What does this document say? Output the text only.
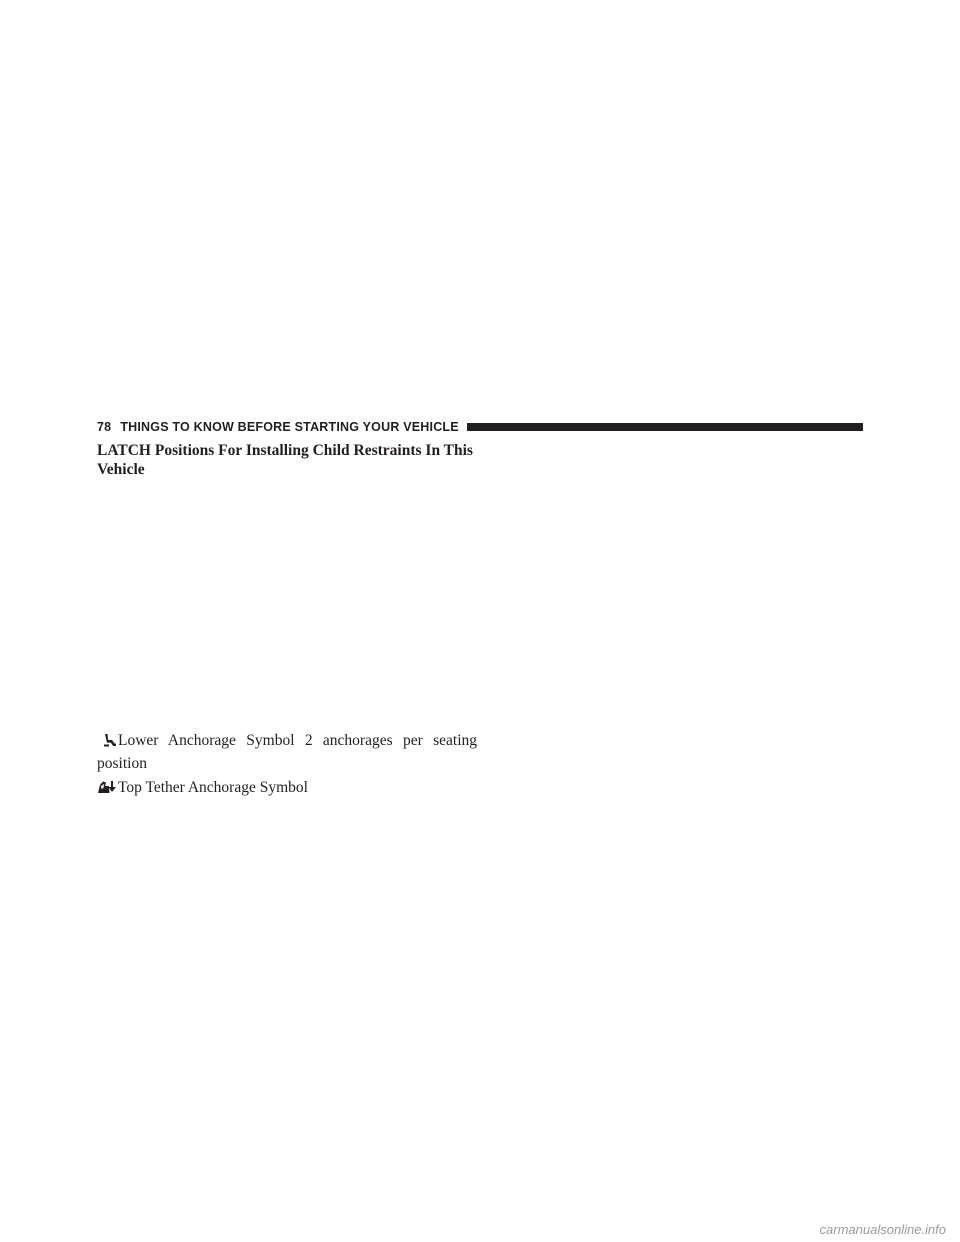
78 THINGS TO KNOW BEFORE STARTING YOUR VEHICLE
LATCH Positions For Installing Child Restraints In This Vehicle

Lower Anchorage Symbol 2 anchorages per seating position

Top Tether Anchorage Symbol

carmanualsonline.info
